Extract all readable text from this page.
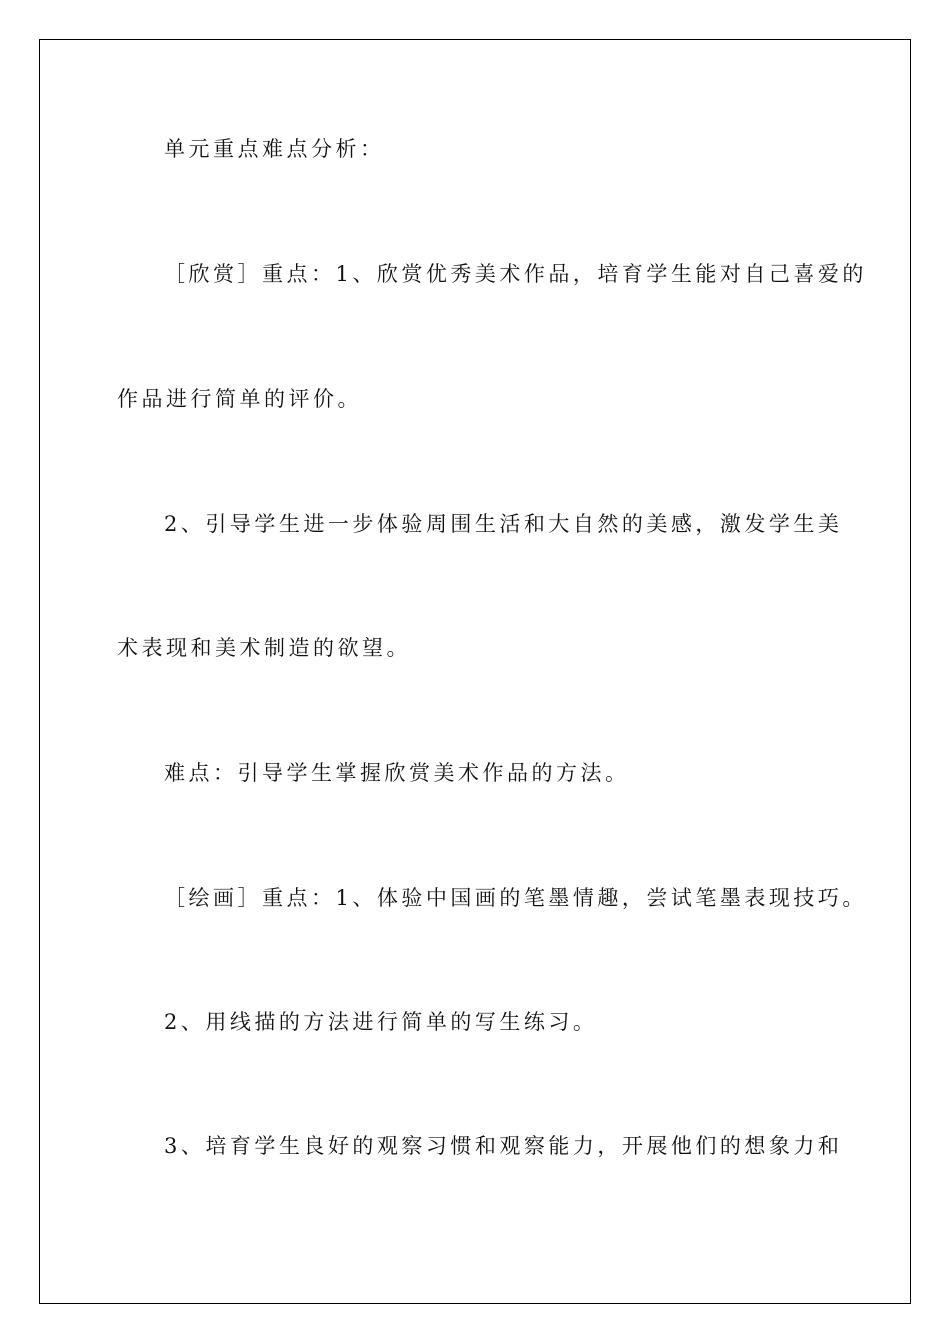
单元重点难点分析：

［欣赏］重点：1、欣赏优秀美术作品，培育学生能对自己喜爱的

作品进行简单的评价。

2、引导学生进一步体验周围生活和大自然的美感，激发学生美

术表现和美术制造的欲望。

难点：引导学生掌握欣赏美术作品的方法。

［绘画］重点：1、体验中国画的笔墨情趣，尝试笔墨表现技巧。

2、用线描的方法进行简单的写生练习。

3、培育学生良好的观察习惯和观察能力，开展他们的想象力和
